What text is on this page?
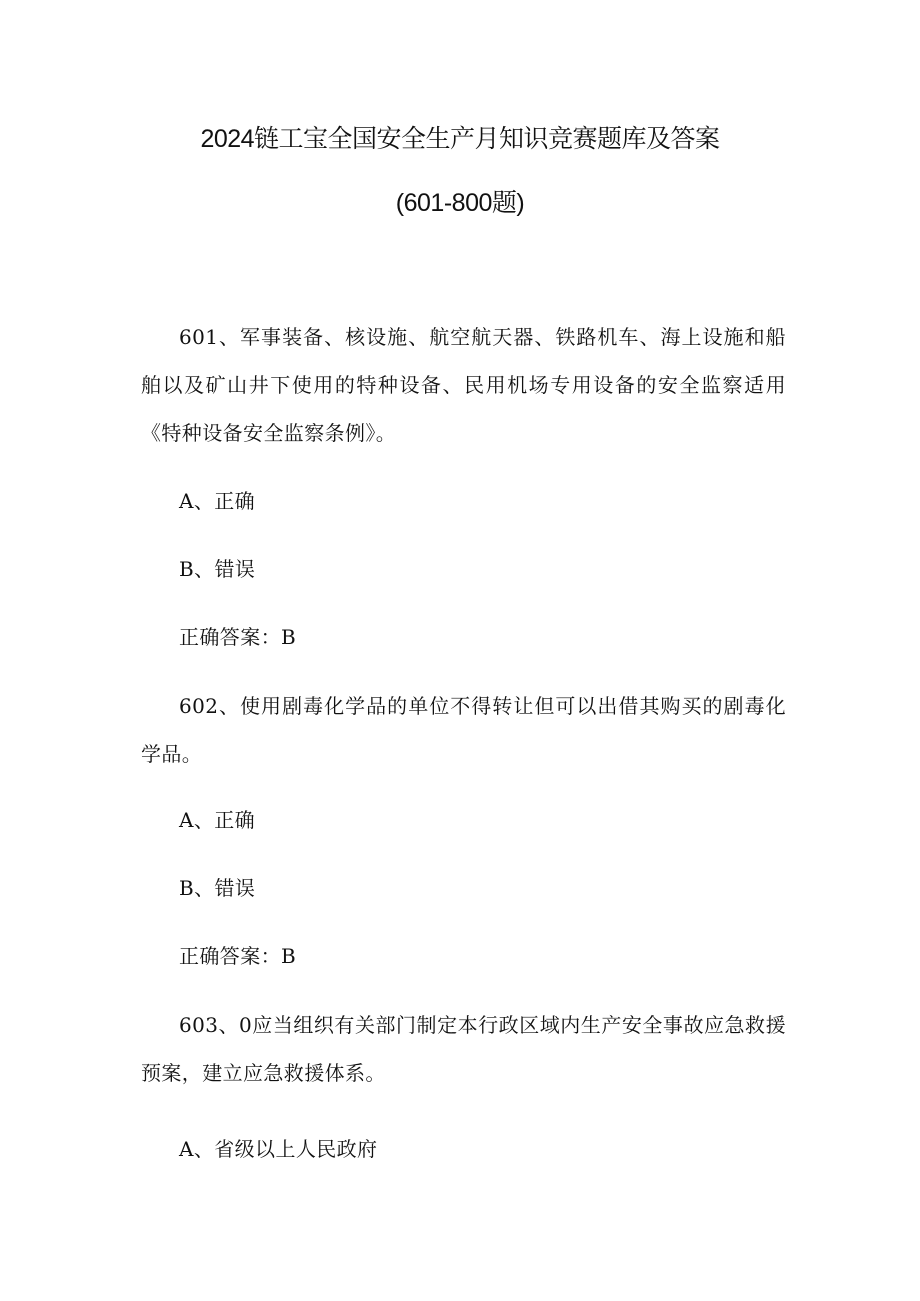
2024链工宝全国安全生产月知识竞赛题库及答案
(601-800题)

601、军事装备、核设施、航空航天器、铁路机车、海上设施和船舶以及矿山井下使用的特种设备、民用机场专用设备的安全监察适用《特种设备安全监察条例》。

A、正确
B、错误
正确答案：B

602、使用剧毒化学品的单位不得转让但可以出借其购买的剧毒化学品。

A、正确
B、错误
正确答案：B

603、0应当组织有关部门制定本行政区域内生产安全事故应急救援预案，建立应急救援体系。

A、省级以上人民政府
